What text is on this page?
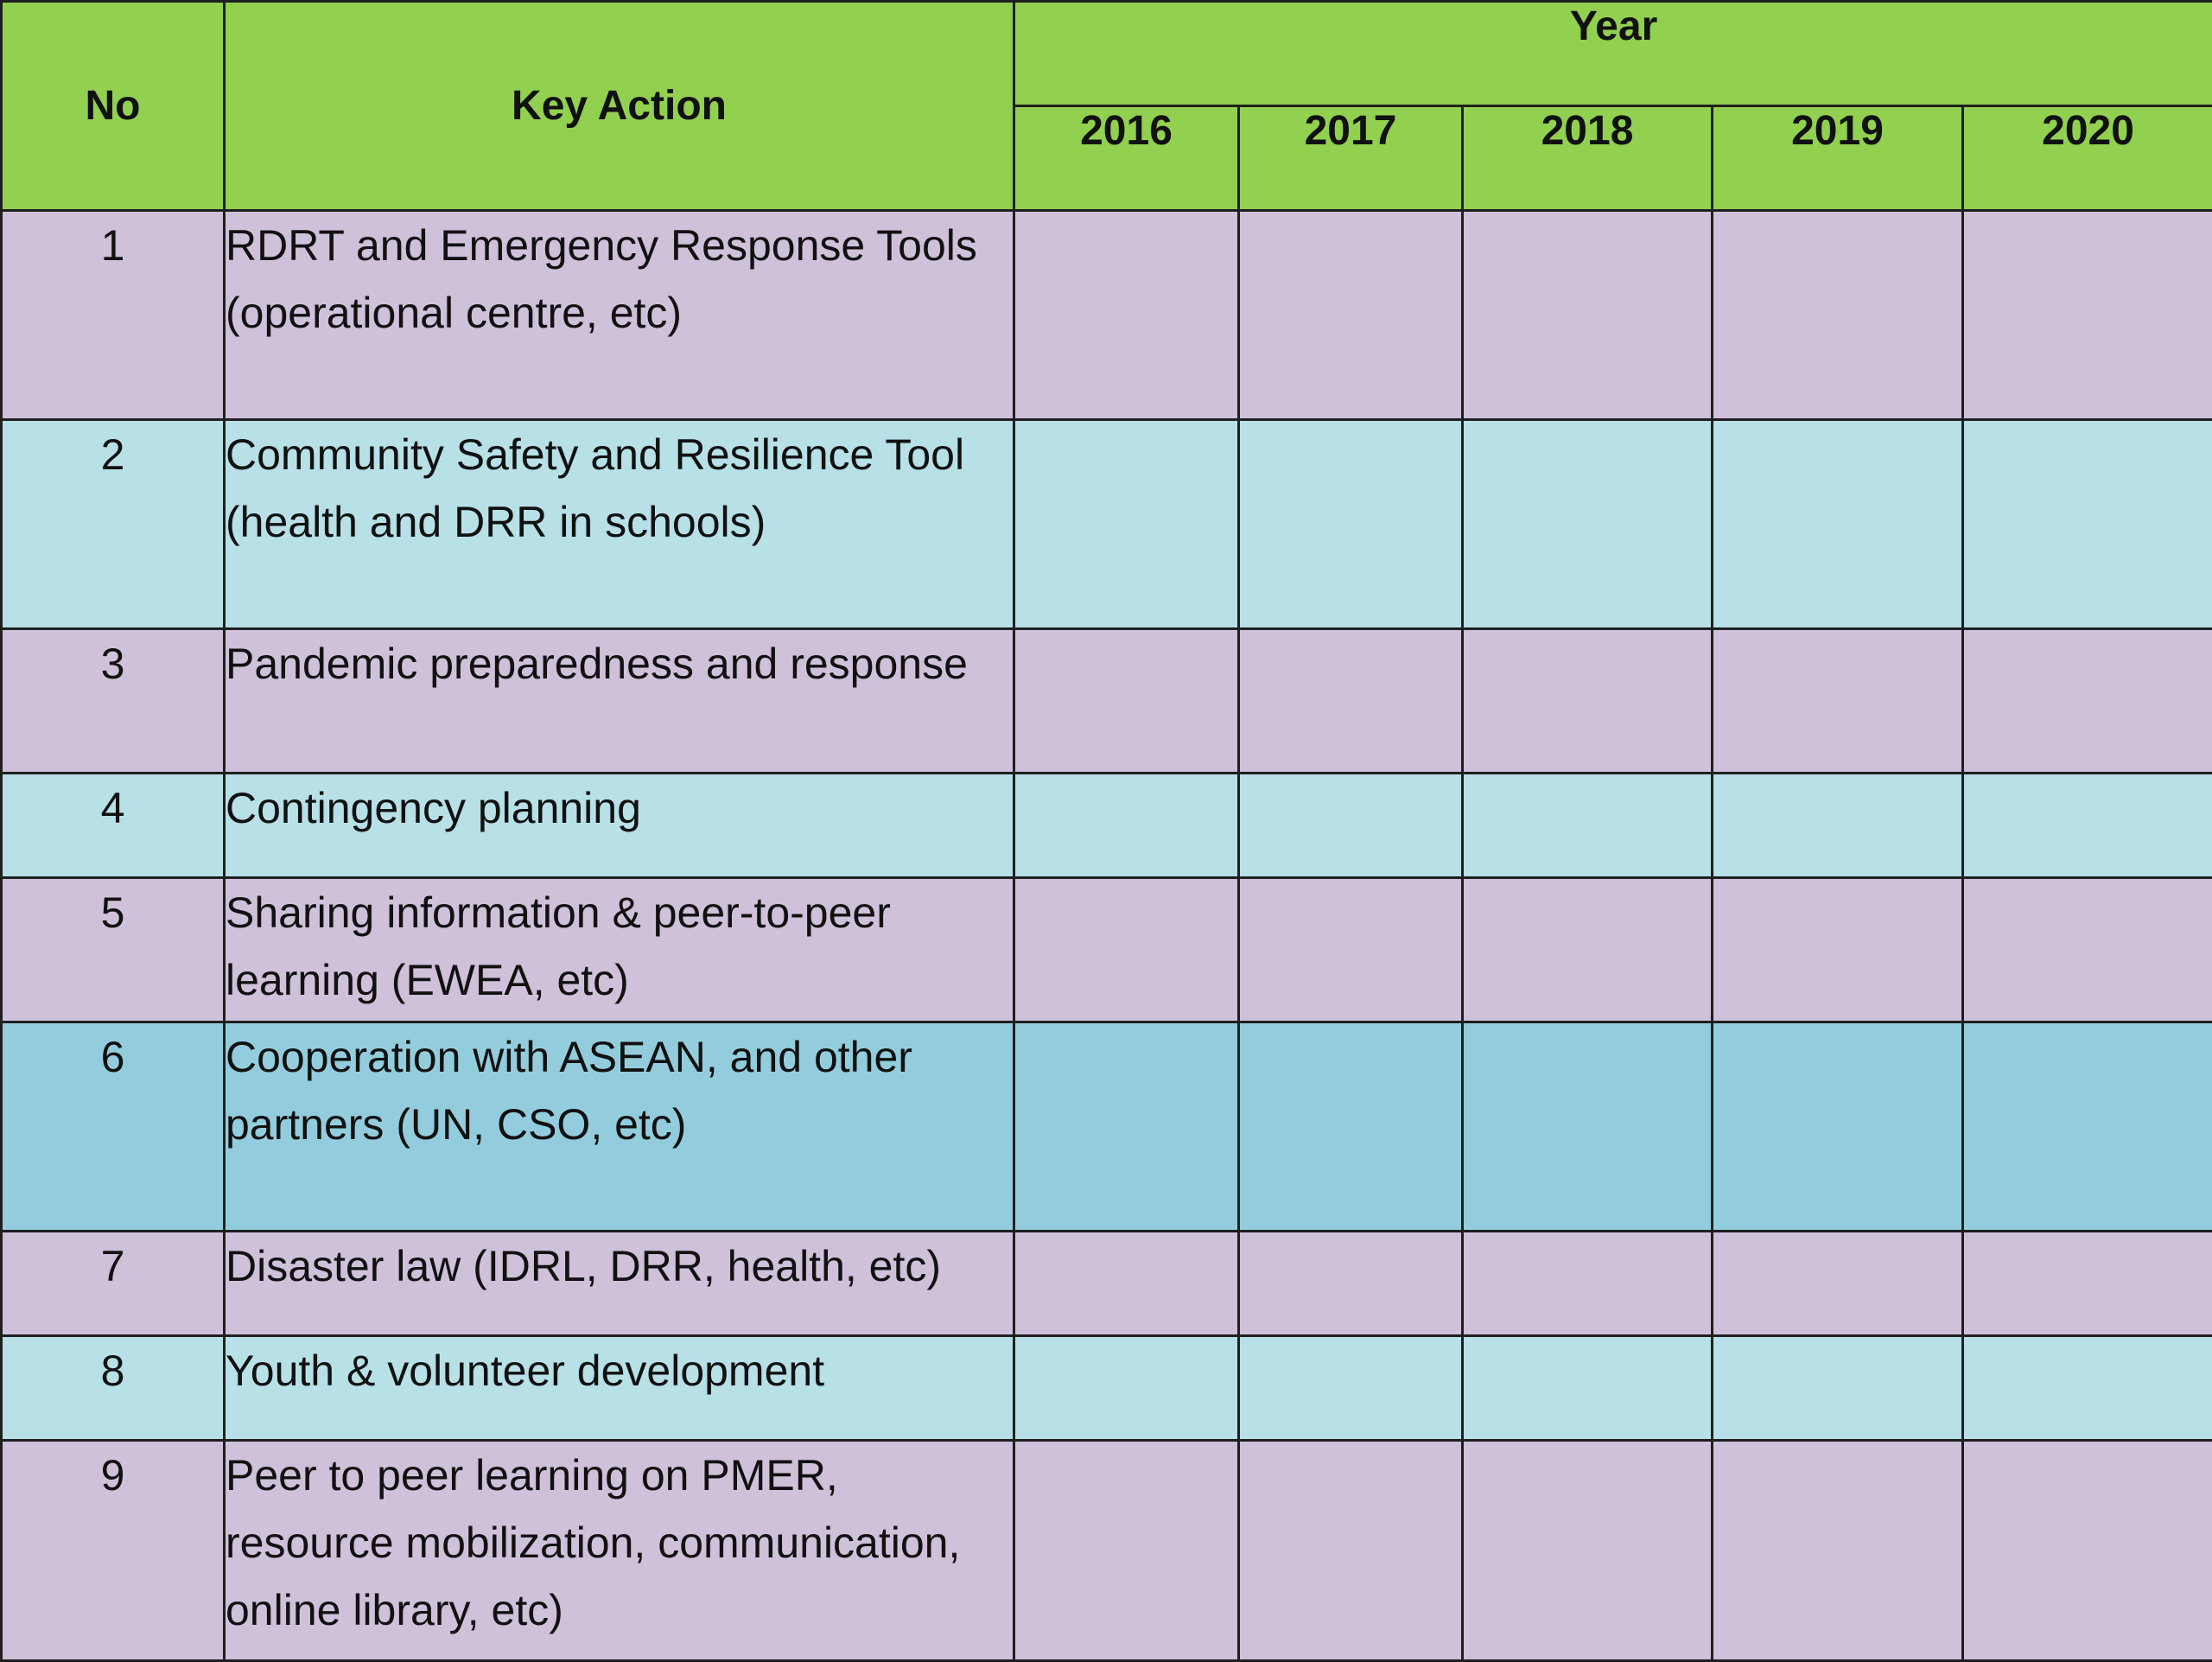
No	Key Action	Year				
		2016	2017	2018	2019	2020
1	RDRT and Emergency Response Tools (operational centre, etc)					
2	Community Safety and Resilience Tool (health and DRR in schools)					
3	Pandemic preparedness and response					
4	Contingency planning					
5	Sharing information & peer-to-peer learning (EWEA, etc)					
6	Cooperation with ASEAN, and other partners (UN, CSO, etc)					
7	Disaster law (IDRL, DRR, health, etc)					
8	Youth & volunteer development					
9	Peer to peer learning on PMER, resource mobilization, communication, online library, etc)					
